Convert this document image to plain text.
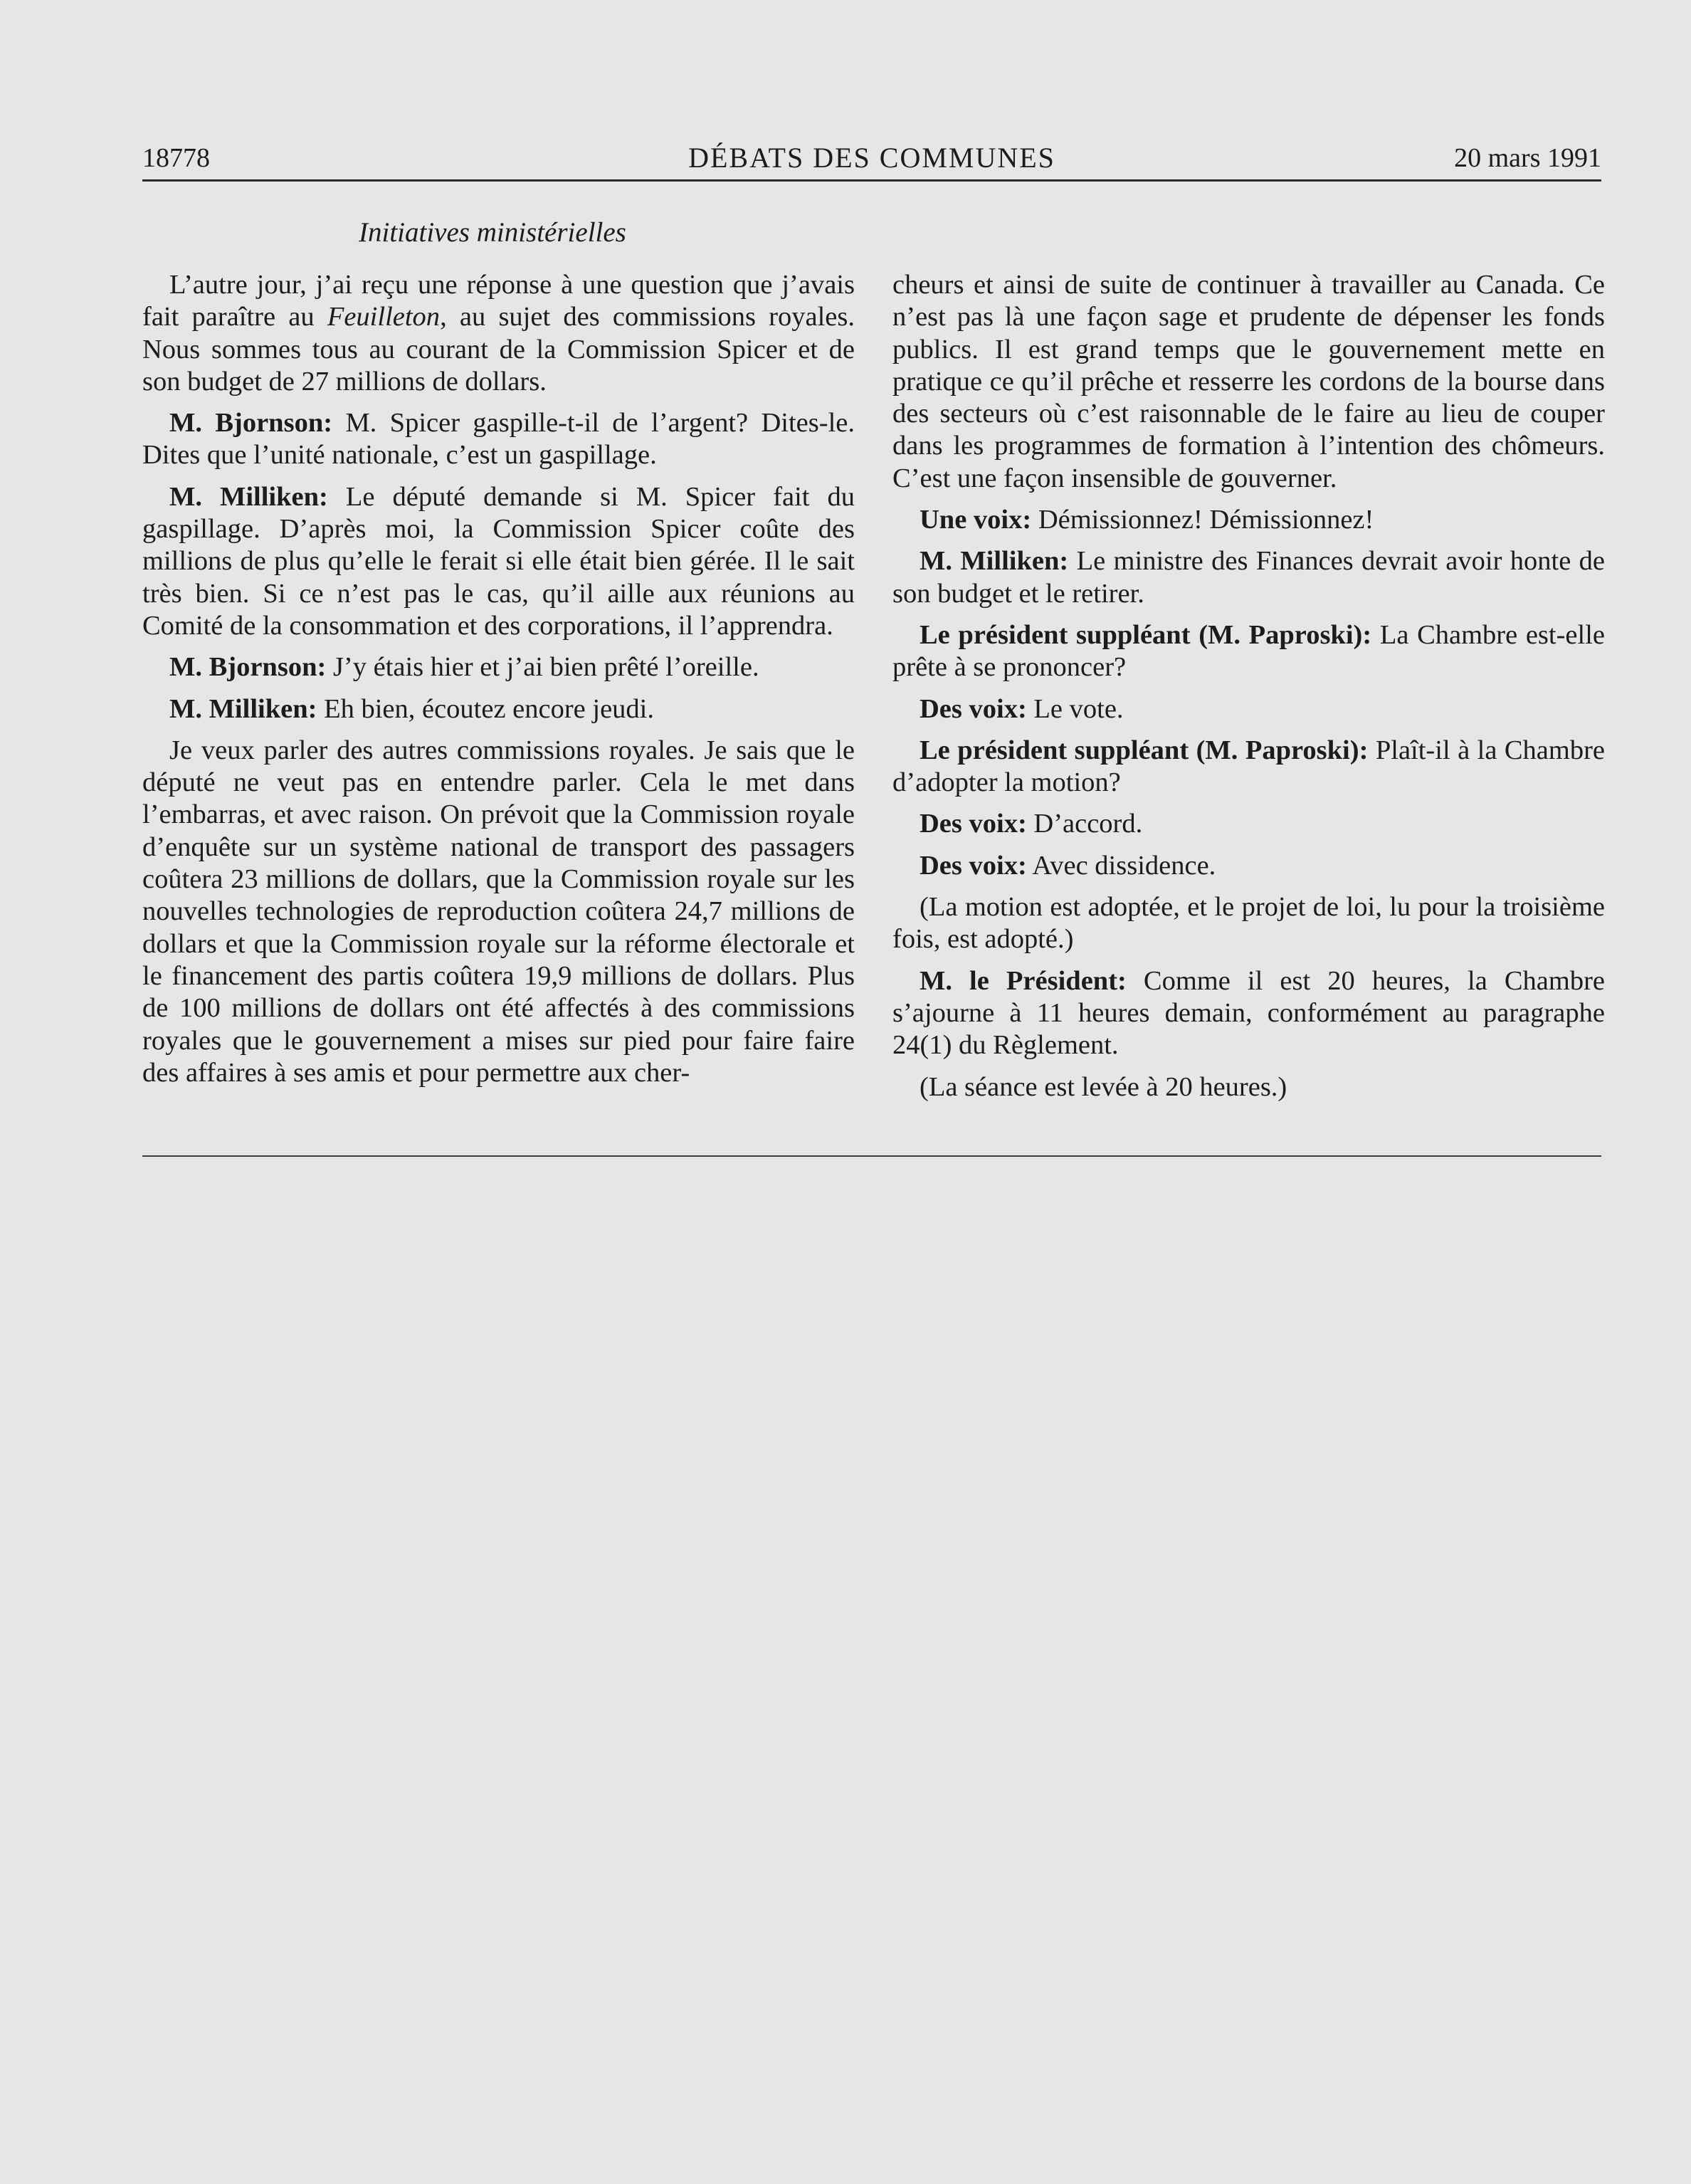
18778	DÉBATS DES COMMUNES	20 mars 1991
Initiatives ministérielles

L’autre jour, j’ai reçu une réponse à une question que j’avais fait paraître au Feuilleton, au sujet des commissions royales. Nous sommes tous au courant de la Commission Spicer et de son budget de 27 millions de dollars.

M. Bjornson: M. Spicer gaspille-t-il de l’argent? Dites-le. Dites que l’unité nationale, c’est un gaspillage.

M. Milliken: Le député demande si M. Spicer fait du gaspillage. D’après moi, la Commission Spicer coûte des millions de plus qu’elle le ferait si elle était bien gérée. Il le sait très bien. Si ce n’est pas le cas, qu’il aille aux réunions au Comité de la consommation et des corporations, il l’apprendra.

M. Bjornson: J’y étais hier et j’ai bien prêté l’oreille.

M. Milliken: Eh bien, écoutez encore jeudi.

Je veux parler des autres commissions royales. Je sais que le député ne veut pas en entendre parler. Cela le met dans l’embarras, et avec raison. On prévoit que la Commission royale d’enquête sur un système national de transport des passagers coûtera 23 millions de dollars, que la Commission royale sur les nouvelles technologies de reproduction coûtera 24,7 millions de dollars et que la Commission royale sur la réforme électorale et le financement des partis coûtera 19,9 millions de dollars. Plus de 100 millions de dollars ont été affectés à des commissions royales que le gouvernement a mises sur pied pour faire faire des affaires à ses amis et pour permettre aux cher-

cheurs et ainsi de suite de continuer à travailler au Canada. Ce n’est pas là une façon sage et prudente de dépenser les fonds publics. Il est grand temps que le gouvernement mette en pratique ce qu’il prêche et resserre les cordons de la bourse dans des secteurs où c’est raisonnable de le faire au lieu de couper dans les programmes de formation à l’intention des chômeurs. C’est une façon insensible de gouverner.

Une voix: Démissionnez! Démissionnez!

M. Milliken: Le ministre des Finances devrait avoir honte de son budget et le retirer.

Le président suppléant (M. Paproski): La Chambre est-elle prête à se prononcer?

Des voix: Le vote.

Le président suppléant (M. Paproski): Plaît-il à la Chambre d’adopter la motion?

Des voix: D’accord.

Des voix: Avec dissidence.

(La motion est adoptée, et le projet de loi, lu pour la troisième fois, est adopté.)

M. le Président: Comme il est 20 heures, la Chambre s’ajourne à 11 heures demain, conformément au paragraphe 24(1) du Règlement.

(La séance est levée à 20 heures.)
